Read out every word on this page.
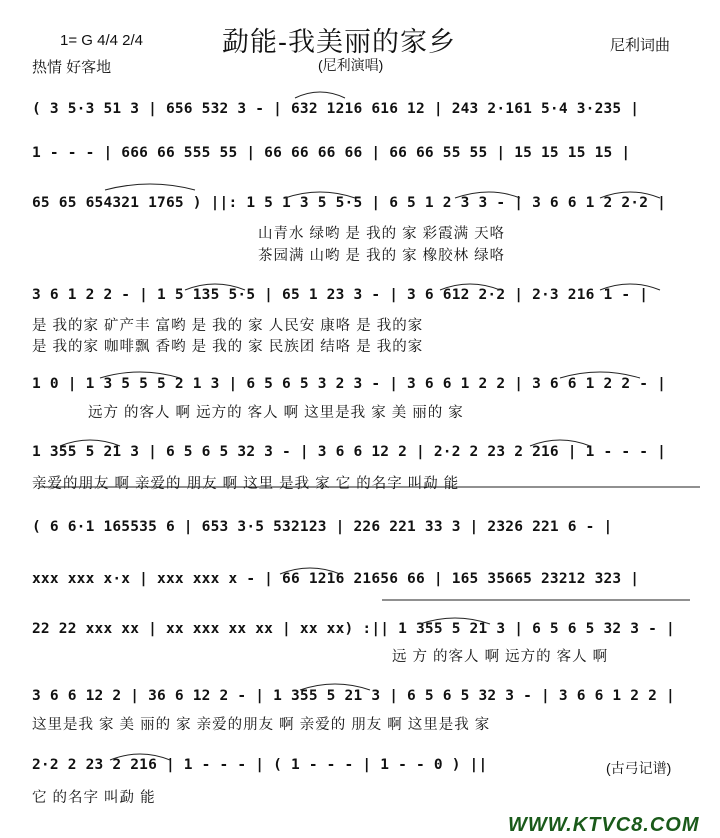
勐能-我美丽的家乡
1= G 4/4 2/4
热情 好客地	(尼利演唱)
尼利词曲
( 3 5·3 51 3 | 656 532 3 - | 632 1216 616 12 | 243 2·161 5·4 3·235 |
1 - - - | 666 66 555 55 | 66 66 66 66 | 66 66 55 55 | 15 15 15 15 |
65 65 654321 1765 ) ||: 1 5 1 3 5 5·5 | 6 5 1 2 3 3 - | 3 6 6 1 2 2·2 |
山青水 绿哟 是 我的 家 彩霞满 天咯
茶园满 山哟 是 我的 家 橡胶林 绿咯
3 6 1 2 2 - | 1 5 135 5·5 | 65 1 23 3 - | 3 6 612 2·2 | 2·3 216 1 - |
是 我的家 矿产丰 富哟 是 我的 家 人民安 康咯 是 我的家
是 我的家 咖啡飘 香哟 是 我的 家 民族团 结咯 是 我的家
1 0 | 1 3 5 5 5 2 1 3 | 6 5 6 5 3 2 3 - | 3 6 6 1 2 2 | 3 6 6 1 2 2 - |
远方 的客人 啊 远方的 客人 啊 这里是我 家 美 丽的 家
1 355 5 21 3 | 6 5 6 5 32 3 - | 3 6 6 12 2 | 2·2 2 23 2 216 | 1 - - - |
亲爱的朋友 啊 亲爱的 朋友 啊 这里 是我 家 它 的名字 叫勐 能
( 6 6·1 165535 6 | 653 3·5 532123 | 226 221 33 3 | 2326 221 6 - |
xxx xxx x·x | xxx xxx x - | 66 1216 21656 66 | 165 35665 23212 323 |
22 22 xxx xx | xx xxx xx xx | xx xx) :|| 1 355 5 21 3 | 6 5 6 5 32 3 - |
远 方 的客人 啊 远方的 客人 啊
3 6 6 12 2 | 36 6 12 2 - | 1 355 5 21 3 | 6 5 6 5 32 3 - | 3 6 6 1 2 2 |
这里是我 家 美 丽的 家 亲爱的朋友 啊 亲爱的 朋友 啊 这里是我 家
2·2 2 23 2 216 | 1 - - - | ( 1 - - - | 1 - - 0 ) ||
它 的名字 叫勐 能
(古弓记谱)
WWW.KTVC8.COM
